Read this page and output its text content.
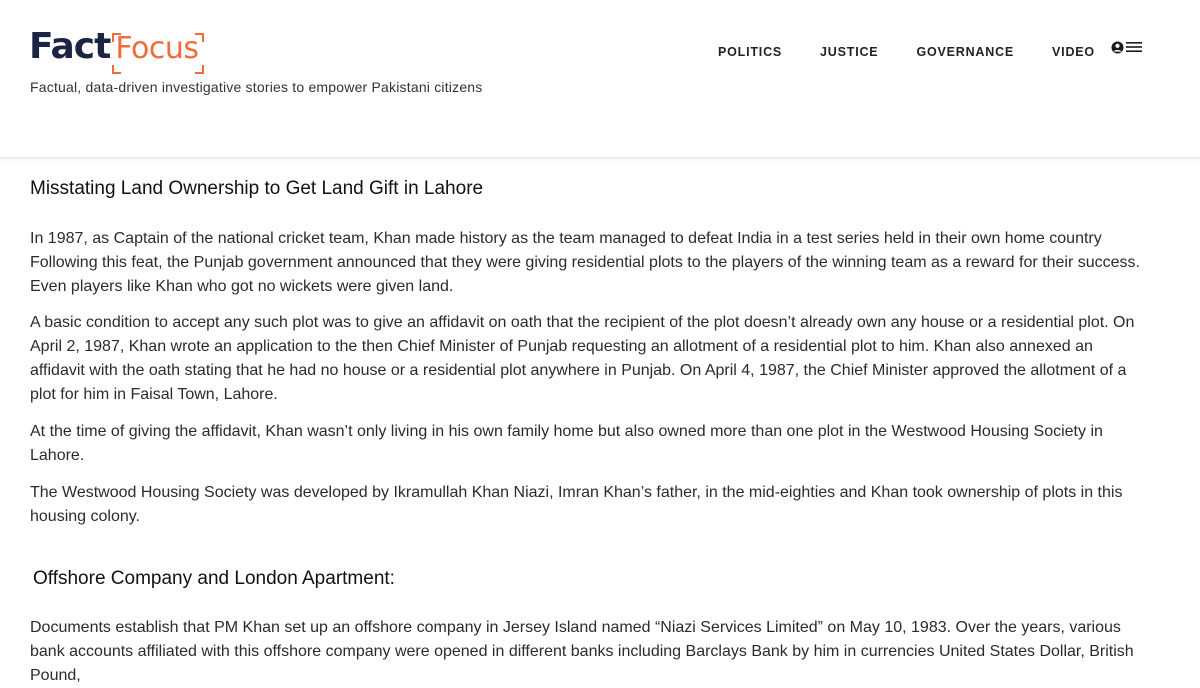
Fact Focus
Factual, data-driven investigative stories to empower Pakistani citizens
POLITICS	JUSTICE	GOVERNANCE	VIDEO
Misstating Land Ownership to Get Land Gift in Lahore

In 1987, as Captain of the national cricket team, Khan made history as the team managed to defeat India in a test series held in their own home country Following this feat, the Punjab government announced that they were giving residential plots to the players of the winning team as a reward for their success. Even players like Khan who got no wickets were given land.

A basic condition to accept any such plot was to give an affidavit on oath that the recipient of the plot doesn’t already own any house or a residential plot. On April 2, 1987, Khan wrote an application to the then Chief Minister of Punjab requesting an allotment of a residential plot to him. Khan also annexed an affidavit with the oath stating that he had no house or a residential plot anywhere in Punjab. On April 4, 1987, the Chief Minister approved the allotment of a plot for him in Faisal Town, Lahore.

At the time of giving the affidavit, Khan wasn’t only living in his own family home but also owned more than one plot in the Westwood Housing Society in Lahore.

The Westwood Housing Society was developed by Ikramullah Khan Niazi, Imran Khan’s father, in the mid-eighties and Khan took ownership of plots in this housing colony.

Offshore Company and London Apartment:

Documents establish that PM Khan set up an offshore company in Jersey Island named “Niazi Services Limited” on May 10, 1983. Over the years, various bank accounts affiliated with this offshore company were opened in different banks including Barclays Bank by him in currencies United States Dollar, British Pound,
